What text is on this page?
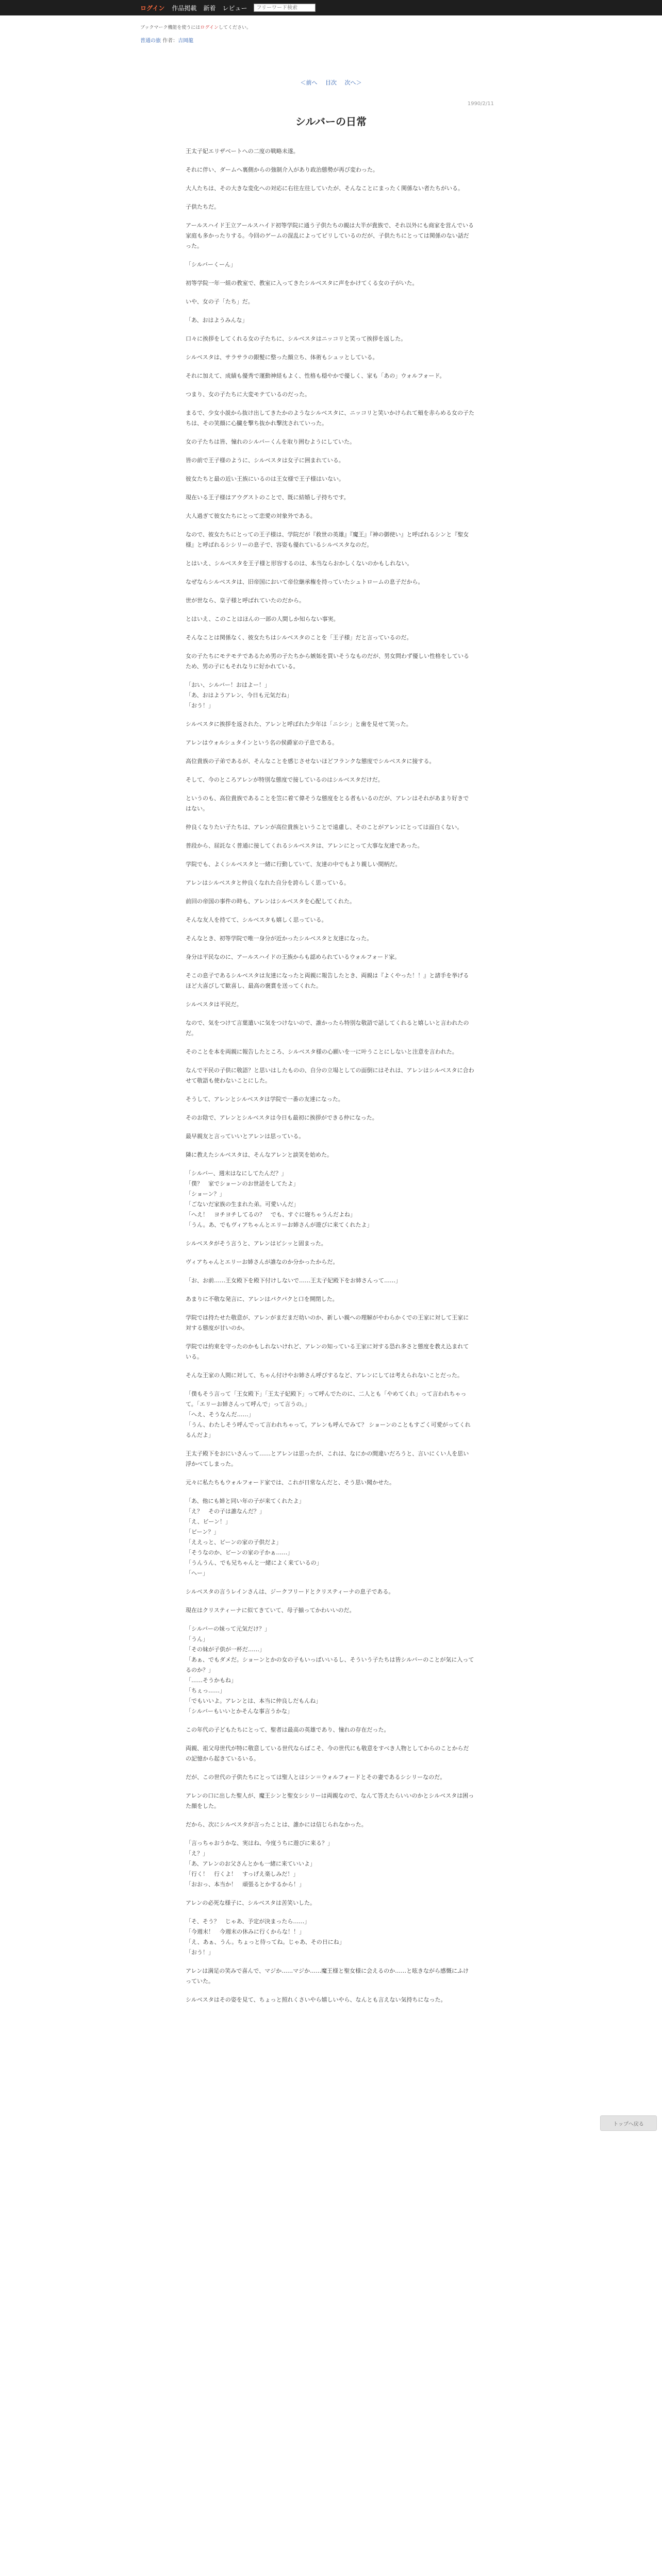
ログイン 作品掲載 新着 レビュー
フリーワード検索
ブックマーク機能を使うにはログインしてください。
普通の旅 作者：吉岡龍
＜前へ 目次 次へ＞
1990/2/11
シルバーの日常

王太子妃エリザベートへの二度の戦略未遂。

それに伴い、ダームへ裏側からの強制介入があり政治態勢が再び変わった。

大人たちは、その大きな変化への対応に右往左往していたが、そんなことにまったく関係ない者たちがいる。

子供たちだ。

アールスハイド王立アールスハイド初等学院に通う子供たちの親は大半が貴族で、それ以外にも商家を営んでいる家庭も多かったりする。今回のゲームの混乱によってピリしているのだが、子供たちにとっては関係のない話だった。

「シルバーくーん」

初等学院一年一組の教室で、教室に入ってきたシルベスタに声をかけてくる女の子がいた。

いや、女の子「たち」だ。

「あ、おはようみんな」

口々に挨拶をしてくれる女の子たちに、シルベスタはニッコリと笑って挨拶を返した。

シルベスタは、サラサラの銀髪に整った顔立ち、体術もシュッとしている。

それに加えて、成績も優秀で運動神経もよく、性格も穏やかで優しく、家も「あの」ウォルフォード。

つまり、女の子たちに大変モテているのだった。

まるで、少女小説から抜け出してきたかのようなシルベスタに、ニッコリと笑いかけられて頬を赤らめる女の子たちは、その笑顔に心臓を撃ち抜かれ撃沈されていった。

女の子たちは皆、憧れのシルバーくんを取り囲むようにしていた。

皆の前で王子様のように、シルベスタは女子に囲まれている。

彼女たちと最の近い王族にいるのは王女様で王子様はいない。

現在いる王子様はアウグストのことで、既に結婚し子持ちです。

大人過ぎて彼女たちにとって恋愛の対象外である。

なので、彼女たちにとっての王子様は、学院だが『救世の英雄』『魔王』『神の御使い』と呼ばれるシンと『聖女様』と呼ばれるシシリーの息子で、容姿も優れているシルベスタなのだ。

とはいえ、シルベスタを王子様と形容するのは、本当ならおかしくないのかもしれない。

なぜならシルベスタは、旧帝国において帝位継承権を持っていたシュトロームの息子だから。

世が世なら、皇子様と呼ばれていたのだから。

とはいえ、このことはほんの一部の人間しか知らない事実。

そんなことは関係なく、彼女たちはシルベスタのことを「王子様」だと言っているのだ。

女の子たちにモテモテであるため男の子たちから嫉妬を買いそうなものだが、男女問わず優しい性格をしているため、男の子にもそれなりに好かれている。

「おい、シルバー！おはよー！」
「あ、おはようアレン、今日も元気だね」
「おう！」

シルベスタに挨拶を返された、アレンと呼ばれた少年は「ニシシ」と歯を見せて笑った。

アレンはウォルシュタインという名の侯爵家の子息である。

高位貴族の子弟であるが、そんなことを感じさせないほどフランクな態度でシルベスタに接する。

そして、今のところアレンが特別な態度で接しているのはシルベスタだけだ。

というのも、高位貴族であることを笠に着て偉そうな態度をとる者もいるのだが、アレンはそれがあまり好きではない。

仲良くなりたい子たちは、アレンが高位貴族ということで遠慮し、そのことがアレンにとっては面白くない。

普段から、屈託なく普通に接してくれるシルベスタは、アレンにとって大事な友達であった。

学院でも、よくシルベスタと一緒に行動していて、友達の中でもより親しい間柄だ。

アレンはシルベスタと仲良くなれた自分を誇らしく思っている。

前回の帝国の事件の時も、アレンはシルベスタを心配してくれた。

そんな友人を持てて、シルベスタも嬉しく思っている。

そんなとき、初等学院で唯一身分が近かったシルベスタと友達になった。

身分は平民なのに、アールスハイドの王族からも認められているウォルフォード家。

そこの息子であるシルベスタは友達になったと両親に報告したとき、両親は『よくやった！！』と諸手を挙げるほど大喜びして歓喜し、最高の褒賞を送ってくれた。

シルベスタは平民だ。

なので、気をつけて言葉遣いに気をつけないので、誰かったら特別な敬語で話してくれると嬉しいと言われたのだ。

そのことを本を両親に報告したところ、シルベスタ様の心願いを一に叶うことにしないと注意を言われた。

なんで平民の子供に敬語？と思いはしたものの、自分の立場としての面倒にはそれは、アレンはシルベスタに合わせて敬語も使わないことにした。

そうして、アレンとシルベスタは学院で一番の友達になった。

そのお陰で、アレンとシルベスタは今日も最初に挨拶ができる仲になった。

最早親友と言っていいとアレンは思っている。

隣に教えたシルベスタは、そんなアレンと談笑を始めた。

「シルバー、週末はなにしてたんだ？」
「僕？　家でショーンのお世話をしてたよ」
「ショーン？」
「ごないだ家族の生まれた弟。可愛いんだ」
「へえ！　ヨチヨチしてるの？　でも、すぐに寝ちゃうんだよね」
「うん。あ、でもヴィアちゃんとエリーお姉さんが遊びに来てくれたよ」

シルベスタがそう言うと、アレンはピシッと固まった。

ヴィアちゃんとエリーお姉さんが誰なのか分かったからだ。

「お、お前……王女殿下を殿下付けしないで……王太子妃殿下をお姉さんって……」

あまりに不敬な発言に、アレンはパクパクと口を開閉した。

学院では持たせた敬意が、アレンがまだまだ幼いのか、新しい親への理解がやわらかくでの王家に対して王家に対する態度が甘いのか。

学院では約束を守ったのかもしれないけれど、アレンの知っている王家に対する恐れ多さと態度を教え込まれている。

そんな王家の人間に対して、ちゃん付けやお姉さん呼びするなど、アレンにしては考えられないことだった。

「僕もそう言って「王女殿下」「王太子妃殿下」って呼んでたのに、二人とも「やめてくれ」って言われちゃって。「エリーお姉さんって呼んで」って言うの。」
「へえ、そうなんだ……」
「うん、わたしそう呼んでって言われちゃって。アレンも呼んでみて？ ショーンのこともすごく可愛がってくれるんだよ」

王太子殿下をおにいさんって……とアレンは思ったが、これは、なにかの間違いだろうと、言いにくい人を思い浮かべてしまった。

元々に私たちもウォルフォード家では、これが日常なんだと、そう思い聞かせた。

「あ、他にも姉と同い年の子が来てくれたよ」
「え？　その子は誰なんだ？」
「え、ビーン！」
「ビーン？」
「ええっと、ビーンの家の子供だよ」
「そうなのか、ビーンの家の子かぁ……」
「うんうん、でも兄ちゃんと一緒によく来ているの」
「へー」

シルベスタの言うレインさんは、ジークフリードとクリスティーナの息子である。

現在はクリスティーナに似てきていて、母子揃ってかわいいのだ。

「シルバーの妹って元気だけ？」
「うん」
「その妹が子供が一杯だ……」
「あぁ、でもダメだ。ショーンとかの女の子もいっぱいいるし、そういう子たちは皆シルバーのことが気に入ってるのか？」
「……そうかもね」
「ちぇっ……」
「でもいいよ。アレンとは、本当に仲良しだもんね」
「シルバーもいいとかそんな事言うかな」

この年代の子どもたちにとって、聖者は最高の英雄であり、憧れの存在だった。

両親、祖父母世代が特に敬意している世代ならばこそ、今の世代にも敬意をすべき人物としてからのことからだの記憶から起きているいる。

だが、この世代の子供たちにとっては聖人とはシン＝ウォルフォードとその妻であるシシリーなのだ。

アレンの口に出した聖人が、魔王シンと聖女シシリーは両親なので、なんて答えたらいいのかとシルベスタは困った顔をした。

だから、次にシルベスタが言ったことは、誰かには信じられなかった。

「言っちゃおうかな、実はね、今度うちに遊びに来る？」
「え？」
「あ、アレンのお父さんとかも一緒に来ていいよ」
「行く！　行くよ！　すっげえ楽しみだ！」
「おおっ、本当か！　頑張るとかするから！」

アレンの必死な様子に、シルベスタは苦笑いした。

「そ、そう？　じゃあ、予定が決まったら……」
「今週末！　今週末の休みに行くからな！！」
「え、あぁ、うん。ちょっと待ってね。じゃあ、その日にね」
「おう！」

アレンは満足の笑みで喜んで、マジか……マジか……魔王様と聖女様に会えるのか……と呟きながら感慨にふけっていた。

シルベスタはその姿を見て、ちょっと照れくさいやら嬉しいやら、なんとも言えない気持ちになった。

トップへ戻る
